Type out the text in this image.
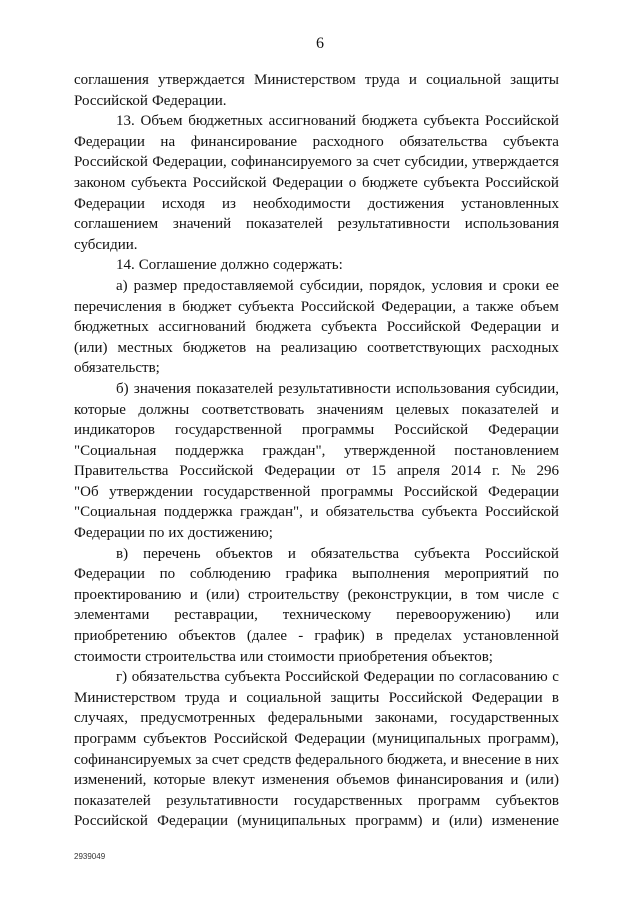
6
соглашения утверждается Министерством труда и социальной защиты
Российской Федерации.
13. Объем бюджетных ассигнований бюджета субъекта Российской
Федерации на финансирование расходного обязательства субъекта
Российской Федерации, софинансируемого за счет субсидии, утверждается
законом субъекта Российской Федерации о бюджете субъекта Российской
Федерации исходя из необходимости достижения установленных
соглашением значений показателей результативности использования
субсидии.
14. Соглашение должно содержать:
а) размер предоставляемой субсидии, порядок, условия и сроки ее
перечисления в бюджет субъекта Российской Федерации, а также объем
бюджетных ассигнований бюджета субъекта Российской Федерации и
(или) местных бюджетов на реализацию соответствующих расходных
обязательств;
б) значения показателей результативности использования субсидии,
которые должны соответствовать значениям целевых показателей и
индикаторов государственной программы Российской Федерации
"Социальная поддержка граждан", утвержденной постановлением
Правительства Российской Федерации от 15 апреля 2014 г. № 296
"Об утверждении государственной программы Российской Федерации
"Социальная поддержка граждан", и обязательства субъекта Российской
Федерации по их достижению;
в) перечень объектов и обязательства субъекта Российской
Федерации по соблюдению графика выполнения мероприятий по
проектированию и (или) строительству (реконструкции, в том числе с
элементами реставрации, техническому перевооружению) или
приобретению объектов (далее - график) в пределах установленной
стоимости строительства или стоимости приобретения объектов;
г) обязательства субъекта Российской Федерации по согласованию с
Министерством труда и социальной защиты Российской Федерации в
случаях, предусмотренных федеральными законами, государственных
программ субъектов Российской Федерации (муниципальных программ),
софинансируемых за счет средств федерального бюджета, и внесение в них
изменений, которые влекут изменения объемов финансирования и (или)
показателей результативности государственных программ субъектов
Российской Федерации (муниципальных программ) и (или) изменение
2939049
